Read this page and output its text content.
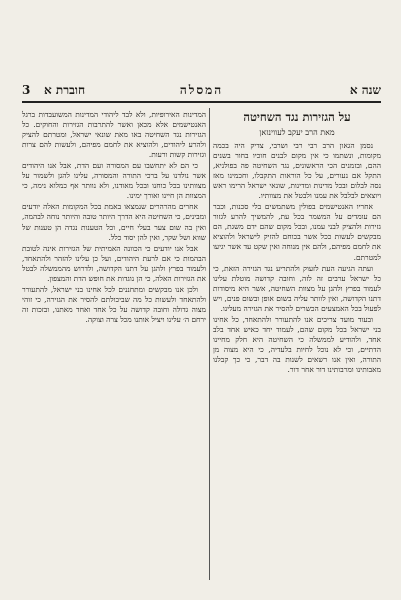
שנה א
המסלה
חוברת א
3
על הגזירות נגד השחיטה
מאת הרב יעקב לעווינזאן

נסמן הגאון הרב רבי רבי ושרבי, צדיק היה בכמה מקומות, ונשתמו כי אין מקום לבנים חוכיו בחור בשנים ההם, ובזמנים הכי הראשונים, נגד השחיטה פה בפולניא, התקל אם נעורים, על כל הוראות התקבלו, וחכמינו מאז נסה לבלום ובכל מדינות ומדינות, שונאי ישראל הרימו ראש ויוצאים לבלבל את עמנו ולבטל את מצוותיו.

אחריו האנטישמים בפולין משתמשים בלי סכנות, וכבר הם עומדים על המשמר בכל עת, להמשיך להרע לגזור גזירות ולהציק לבני עמנו, ובכל מקום שהם ידם משגת, הם מבקשים לעשות ככל אשר בכוחם להזיק לישראל ולהוציא את לחמם מפיהם, ולהם אין מנוחה ואין שקט עד אשר יגיעו למטרתם.

ועתה הגיעה העת לזעוק ולהתריע נגד הגזירה הזאת, כי כל ישראל ערבים זה לזה, וחובה קדושה מוטלת עלינו לעמוד בפרץ ולהגן על מצוות השחיטה, אשר היא מיסודות דתנו הקדושה, ואין לוותר עליה בשום אופן ובשום פנים, ויש לפעול בכל האמצעים הכשרים להסיר את הגזירה מעלינו.

ובעוד מועד צריכים אנו להתעורר ולהתאחד, כל אחינו בני ישראל בכל מקום שהם, לעמוד יחד כאיש אחד בלב אחד, ולהודיע לממשלה כי השחיטה היא חלק מחיינו הדתיים, וכי לא נוכל לחיות בלעדיה, כי היא מצוה מן התורה, ואין אנו רשאים לשנות בה דבר, כי כך קבלנו מאבותינו ומרבותינו דור אחר דור.

המדינות האירופיות, ולא לבד ליהודי המדינות המשועבדות ברגל האנטישמים אלא מכאן ואשר להתרבות הגזירות והחוקים. כל הגזירות נגד השחיטה באו מאת שונאי ישראל, ומטרתם להציק ולהרע ליהודים, ולהוציא את לחמם מפיהם, ולעשות להם צרות וגזירות קשות ורעות.

כי הם לא יתחשבו עם המסורה ועם הדת, אבל אנו היהודים אשר נולדנו על ברכי התורה והמסורה, עלינו להגן ולשמור על מצוותינו בכל כוחנו ובכל מאודנו, ולא נוותר אף כמלוא נימה, כי המצוות הן חיינו ואורך ימינו.

אחרים מהרהרים שנמצאו באמת בכל המקומות האלה יודעים ומבינים, כי השחיטה היא הדרך היותר טובה והיותר נוחה לבהמה, ואין בה שום צער בעלי חיים, וכל הטענות נגדה הן טענות של שווא ושל שקר, ואין להן יסוד כלל.

אבל אנו יודעים כי הכוונה האמיתית של הגזירות אינה לטובת הבהמות כי אם לרעת היהודים, ועל כן עלינו להזהר ולהתאחד, ולעמוד בפרץ ולהגן על דתנו הקדושה, ולדרוש מהממשלה לבטל את הגזירות האלה, כי הן נוגדות את חופש הדת והמצפון.

ולכן אנו מבקשים ומתחננים לכל אחינו בני ישראל, להתעורר ולהתאחד ולעשות כל מה שביכולתם להסיר את הגזירה, כי זוהי מצוה גדולה וחובה קדושה על כל אחד ואחד מאתנו, ובזכות זה ירחם ה׳ עלינו ויציל אותנו מכל צרה וצוקה.
